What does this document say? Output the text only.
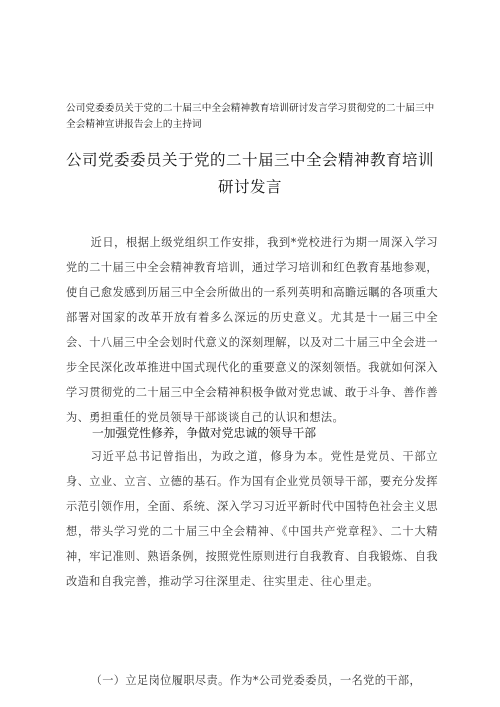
公司党委委员关于党的二十届三中全会精神教育培训研讨发言学习贯彻党的二十届三中全会精神宣讲报告会上的主持词
公司党委委员关于党的二十届三中全会精神教育培训研讨发言

近日，根据上级党组织工作安排，我到*党校进行为期一周深入学习党的二十届三中全会精神教育培训，通过学习培训和红色教育基地参观，使自己愈发感到历届三中全会所做出的一系列英明和高瞻远瞩的各项重大部署对国家的改革开放有着多么深远的历史意义。尤其是十一届三中全会、十八届三中全会划时代意义的深刻理解，以及对二十届三中全会进一步全民深化改革推进中国式现代化的重要意义的深刻领悟。我就如何深入学习贯彻党的二十届三中全会精神积极争做对党忠诚、敢于斗争、善作善为、勇担重任的党员领导干部谈谈自己的认识和想法。

一加强党性修养，争做对党忠诚的领导干部

习近平总书记曾指出，为政之道，修身为本。党性是党员、干部立身、立业、立言、立德的基石。作为国有企业党员领导干部，要充分发挥示范引领作用，全面、系统、深入学习习近平新时代中国特色社会主义思想，带头学习党的二十届三中全会精神、《中国共产党章程》、二十大精神，牢记准则、熟语条例，按照党性原则进行自我教育、自我锻炼、自我改造和自我完善，推动学习往深里走、往实里走、往心里走。

（一）立足岗位履职尽责。作为*公司党委委员，一名党的干部，
